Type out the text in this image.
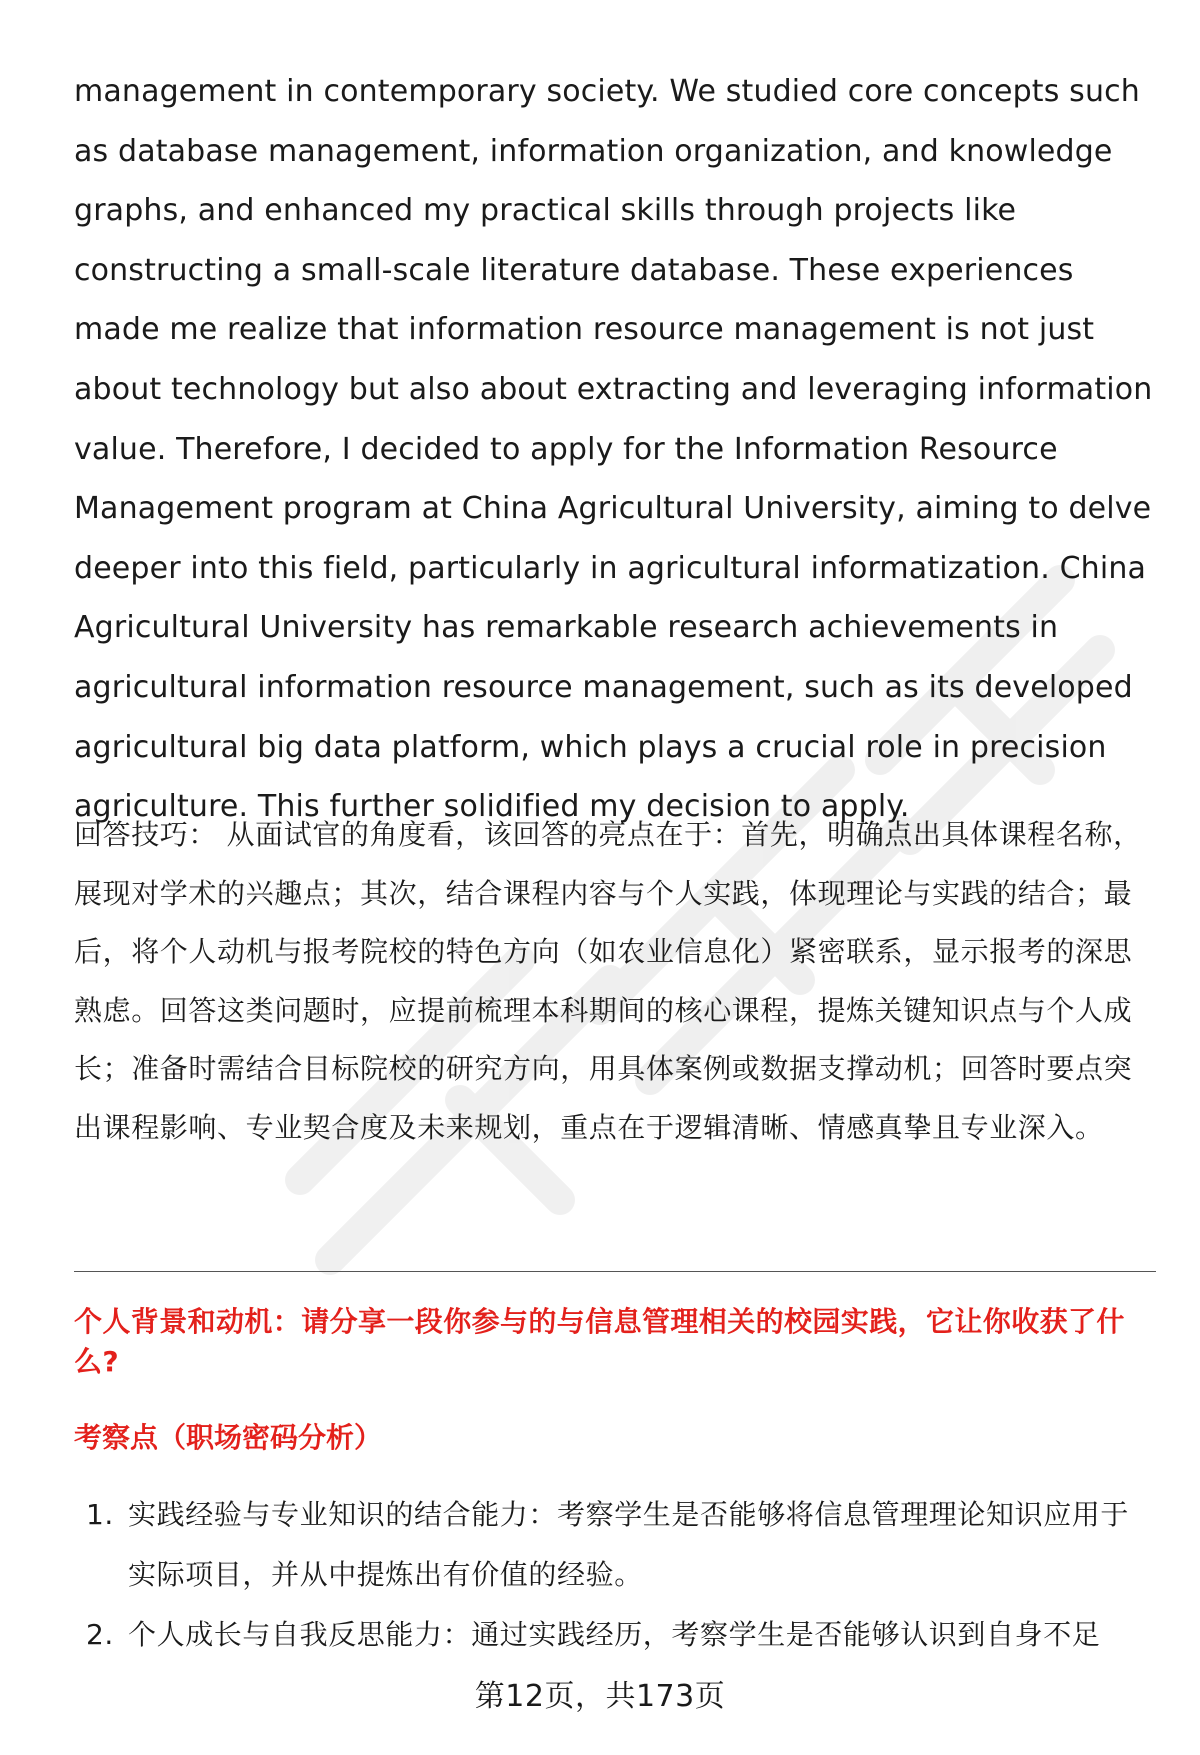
management in contemporary society. We studied core concepts such as database management, information organization, and knowledge graphs, and enhanced my practical skills through projects like constructing a small-scale literature database. These experiences made me realize that information resource management is not just about technology but also about extracting and leveraging information value. Therefore, I decided to apply for the Information Resource Management program at China Agricultural University, aiming to delve deeper into this field, particularly in agricultural informatization. China Agricultural University has remarkable research achievements in agricultural information resource management, such as its developed agricultural big data platform, which plays a crucial role in precision agriculture. This further solidified my decision to apply.

回答技巧： 从面试官的角度看，该回答的亮点在于：首先，明确点出具体课程名称，展现对学术的兴趣点；其次，结合课程内容与个人实践，体现理论与实践的结合；最后，将个人动机与报考院校的特色方向（如农业信息化）紧密联系，显示报考的深思熟虑。回答这类问题时，应提前梳理本科期间的核心课程，提炼关键知识点与个人成长；准备时需结合目标院校的研究方向，用具体案例或数据支撑动机；回答时要点突出课程影响、专业契合度及未来规划，重点在于逻辑清晰、情感真挚且专业深入。

个人背景和动机：请分享一段你参与的与信息管理相关的校园实践，它让你收获了什么?

考察点（职场密码分析）

1. 实践经验与专业知识的结合能力：考察学生是否能够将信息管理理论知识应用于实际项目，并从中提炼出有价值的经验。
2. 个人成长与自我反思能力：通过实践经历，考察学生是否能够认识到自身不足
第12页，共173页
